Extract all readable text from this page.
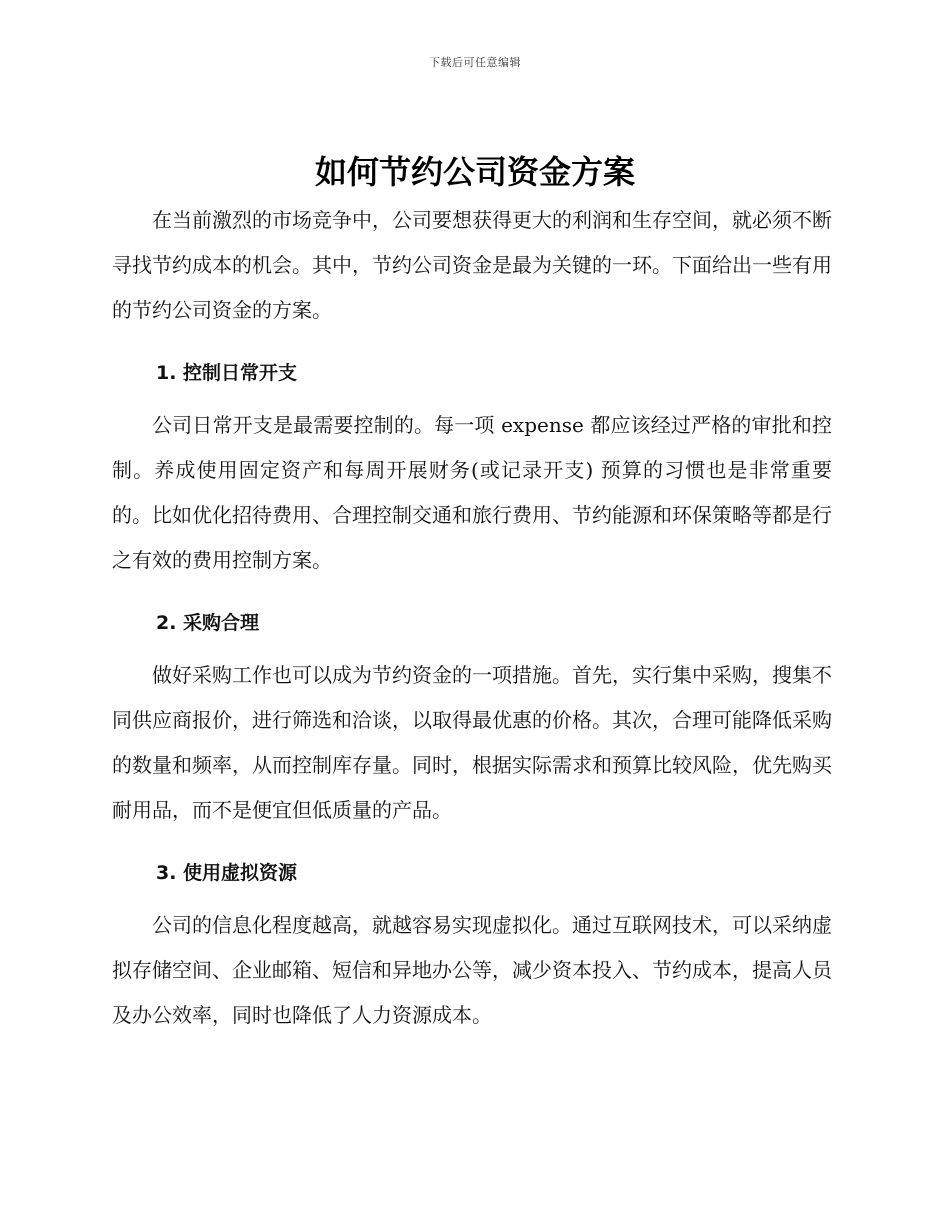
下载后可任意编辑
如何节约公司资金方案

在当前激烈的市场竞争中，公司要想获得更大的利润和生存空间，就必须不断寻找节约成本的机会。其中，节约公司资金是最为关键的一环。下面给出一些有用的节约公司资金的方案。

1. 控制日常开支

公司日常开支是最需要控制的。每一项 expense 都应该经过严格的审批和控制。养成使用固定资产和每周开展财务(或记录开支) 预算的习惯也是非常重要的。比如优化招待费用、合理控制交通和旅行费用、节约能源和环保策略等都是行之有效的费用控制方案。

2. 采购合理

做好采购工作也可以成为节约资金的一项措施。首先，实行集中采购，搜集不同供应商报价，进行筛选和洽谈，以取得最优惠的价格。其次，合理可能降低采购的数量和频率，从而控制库存量。同时，根据实际需求和预算比较风险，优先购买耐用品，而不是便宜但低质量的产品。

3. 使用虚拟资源

公司的信息化程度越高，就越容易实现虚拟化。通过互联网技术，可以采纳虚拟存储空间、企业邮箱、短信和异地办公等，减少资本投入、节约成本，提高人员及办公效率，同时也降低了人力资源成本。
